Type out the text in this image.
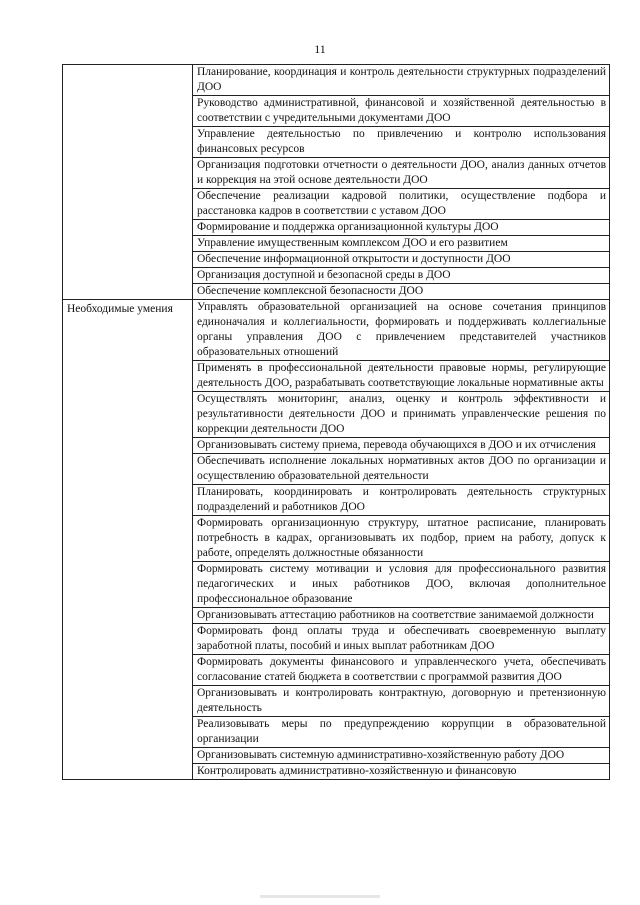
11
	Планирование, координация и контроль деятельности структурных подразделений ДОО
	Руководство административной, финансовой и хозяйственной деятельностью в соответствии с учредительными документами ДОО
	Управление деятельностью по привлечению и контролю использования финансовых ресурсов
	Организация подготовки отчетности о деятельности ДОО, анализ данных отчетов и коррекция на этой основе деятельности ДОО
	Обеспечение реализации кадровой политики, осуществление подбора и расстановка кадров в соответствии с уставом ДОО
	Формирование и поддержка организационной культуры ДОО
	Управление имущественным комплексом ДОО и его развитием
	Обеспечение информационной открытости и доступности ДОО
	Организация доступной и безопасной среды в ДОО
	Обеспечение комплексной безопасности ДОО
Необходимые умения	Управлять образовательной организацией на основе сочетания принципов единоначалия и коллегиальности, формировать и поддерживать коллегиальные органы управления ДОО с привлечением представителей участников образовательных отношений
	Применять в профессиональной деятельности правовые нормы, регулирующие деятельность ДОО, разрабатывать соответствующие локальные нормативные акты
	Осуществлять мониторинг, анализ, оценку и контроль эффективности и результативности деятельности ДОО и принимать управленческие решения по коррекции деятельности ДОО
	Организовывать систему приема, перевода обучающихся в ДОО и их отчисления
	Обеспечивать исполнение локальных нормативных актов ДОО по организации и осуществлению образовательной деятельности
	Планировать, координировать и контролировать деятельность структурных подразделений и работников ДОО
	Формировать организационную структуру, штатное расписание, планировать потребность в кадрах, организовывать их подбор, прием на работу, допуск к работе, определять должностные обязанности
	Формировать систему мотивации и условия для профессионального развития педагогических и иных работников ДОО, включая дополнительное профессиональное образование
	Организовывать аттестацию работников на соответствие занимаемой должности
	Формировать фонд оплаты труда и обеспечивать своевременную выплату заработной платы, пособий и иных выплат работникам ДОО
	Формировать документы финансового и управленческого учета, обеспечивать согласование статей бюджета в соответствии с программой развития ДОО
	Организовывать и контролировать контрактную, договорную и претензионную деятельность
	Реализовывать меры по предупреждению коррупции в образовательной организации
	Организовывать системную административно-хозяйственную работу ДОО
	Контролировать административно-хозяйственную и финансовую
